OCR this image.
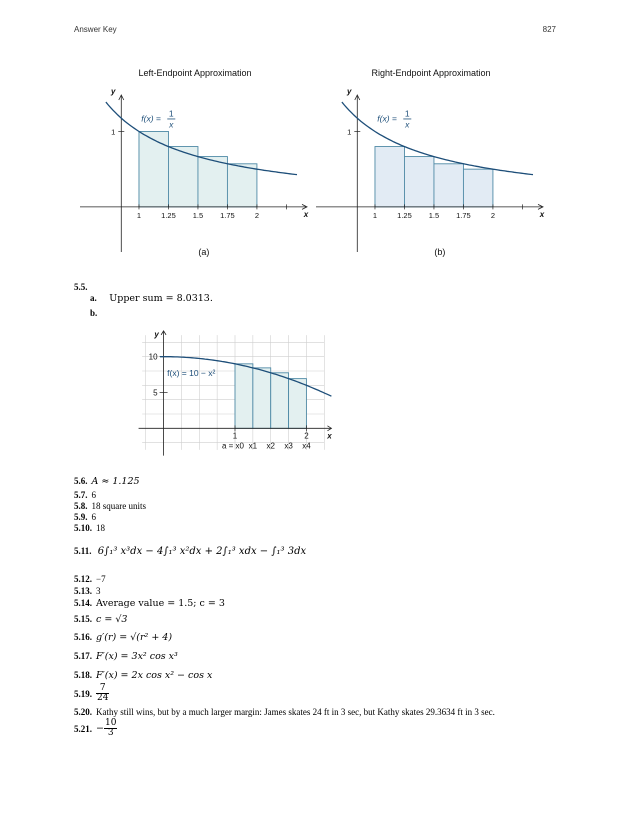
Answer Key	827
Left-Endpoint Approximation
1	1.25 1.5 1.75	2
1
x
y
f(x) = 1
x
(a)
Right-Endpoint Approximation
1	1.25 1.5 1.75	2
1
x
y
f(x) = 1
x
(b)
5.5.
a. Upper sum = 8.0313.
b.
5
10
1	2 x
y
f(x) = 10 − x²
a = x0 x1 x2 x3 x4
5.6. A ≈ 1.125
5.7. 6
5.8. 18 square units
5.9. 6
5.10. 18
5.11. 6∫₁³ x³dx − 4∫₁³ x²dx + 2∫₁³ xdx − ∫₁³ 3dx
5.12. −7
5.13. 3
5.14. Average value = 1.5; c = 3
5.15. c = √3
5.16. g′(r) = √(r² + 4)
5.17. F′(x) = 3x² cos x³
5.18. F′(x) = 2x cos x² − cos x
5.19. $\frac{7}{24}$
5.20. Kathy still wins, but by a much larger margin: James skates 24 ft in 3 sec, but Kathy skates 29.3634 ft in 3 sec.
5.21. − $\frac{10}{3}$
